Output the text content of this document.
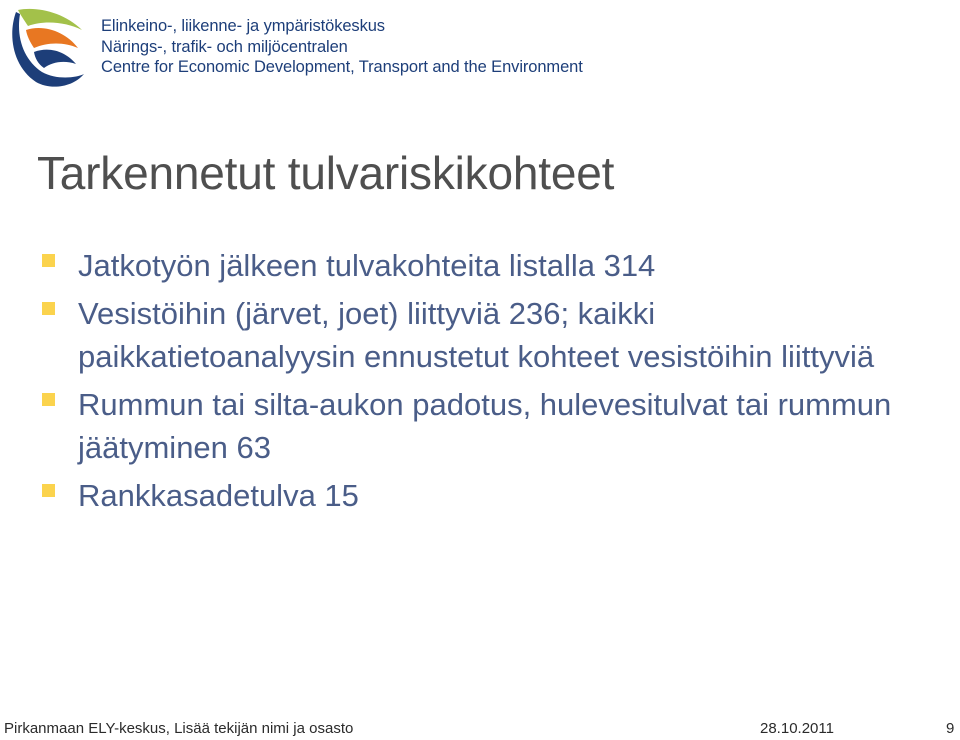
Elinkeino-, liikenne- ja ympäristökeskus
Närings-, trafik- och miljöcentralen
Centre for Economic Development, Transport and the Environment
Tarkennetut tulvariskikohteet
Jatkotyön jälkeen tulvakohteita listalla 314
Vesistöihin (järvet, joet) liittyviä 236; kaikki paikkatietoanalyysin ennustetut kohteet vesistöihin liittyviä
Rummun tai silta-aukon padotus, hulevesitulvat tai rummun jäätyminen 63
Rankkasadetulva 15
Pirkanmaan ELY-keskus, Lisää tekijän nimi ja osasto	28.10.2011	9
